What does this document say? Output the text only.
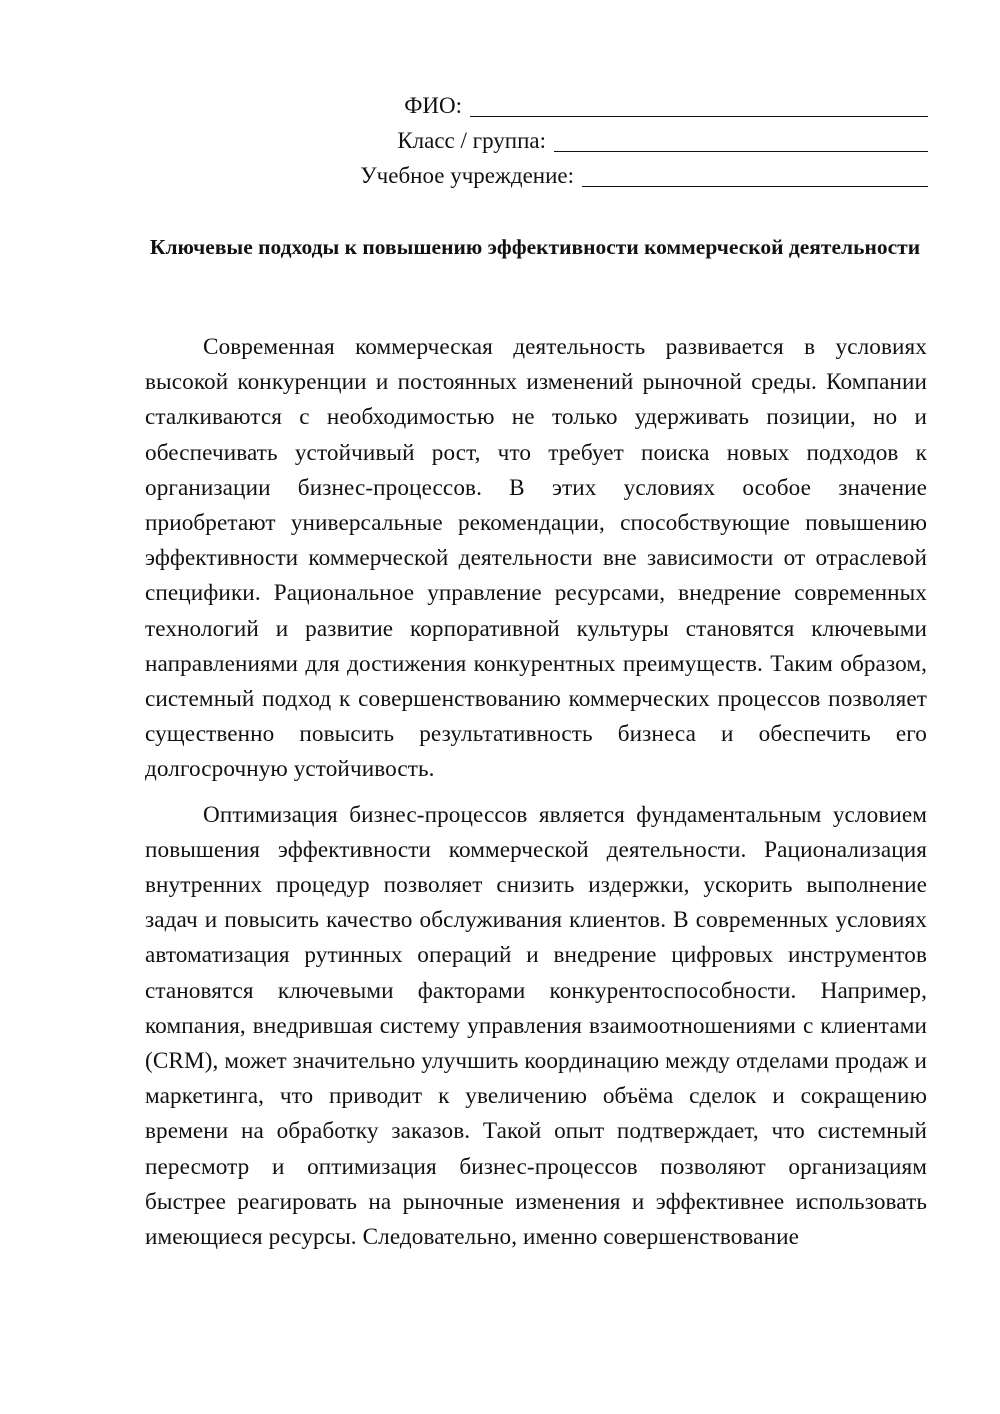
ФИО:
Класс / группа:
Учебное учреждение:
Ключевые подходы к повышению эффективности коммерческой деятельности

Современная коммерческая деятельность развивается в условиях высокой конкуренции и постоянных изменений рыночной среды. Компании сталкиваются с необходимостью не только удерживать позиции, но и обеспечивать устойчивый рост, что требует поиска новых подходов к организации бизнес-процессов. В этих условиях особое значение приобретают универсальные рекомендации, способствующие повышению эффективности коммерческой деятельности вне зависимости от отраслевой специфики. Рациональное управление ресурсами, внедрение современных технологий и развитие корпоративной культуры становятся ключевыми направлениями для достижения конкурентных преимуществ. Таким образом, системный подход к совершенствованию коммерческих процессов позволяет существенно повысить результативность бизнеса и обеспечить его долгосрочную устойчивость.

Оптимизация бизнес-процессов является фундаментальным условием повышения эффективности коммерческой деятельности. Рационализация внутренних процедур позволяет снизить издержки, ускорить выполнение задач и повысить качество обслуживания клиентов. В современных условиях автоматизация рутинных операций и внедрение цифровых инструментов становятся ключевыми факторами конкурентоспособности. Например, компания, внедрившая систему управления взаимоотношениями с клиентами (CRM), может значительно улучшить координацию между отделами продаж и маркетинга, что приводит к увеличению объёма сделок и сокращению времени на обработку заказов. Такой опыт подтверждает, что системный пересмотр и оптимизация бизнес-процессов позволяют организациям быстрее реагировать на рыночные изменения и эффективнее использовать имеющиеся ресурсы. Следовательно, именно совершенствование
